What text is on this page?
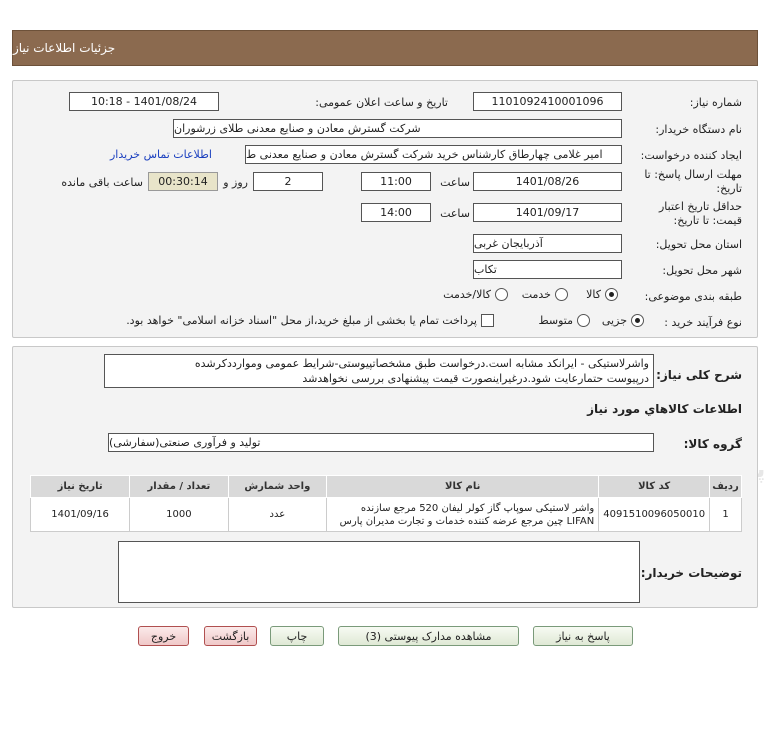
جزئیات اطلاعات نیاز
شماره نیاز:
1101092410001096
تاریخ و ساعت اعلان عمومی:
1401/08/24 - 10:18
نام دستگاه خریدار:
شرکت گسترش معادن و صنایع معدنی طلای زرشوران
ایجاد کننده درخواست:
امیر غلامی چهارطاق کارشناس خرید شرکت گسترش معادن و صنایع معدنی ط
اطلاعات تماس خریدار
مهلت ارسال پاسخ: تا
تاریخ:
1401/08/26
ساعت
11:00
2
روز و
00:30:14
ساعت باقی مانده
حداقل تاریخ اعتبار
قیمت: تا تاریخ:
1401/09/17
ساعت
14:00
استان محل تحویل:
آذربایجان غربی
شهر محل تحویل:
تکاب
طبقه بندی موضوعی:
کالا
خدمت
کالا/خدمت
نوع فرآیند خرید :
جزیی
متوسط
پرداخت تمام یا بخشی از مبلغ خرید،از محل "اسناد خزانه اسلامی" خواهد بود.
شرح کلی نیاز:
واشرلاستیکی - ایرانکد مشابه است.درخواست طبق مشخصاتپیوستی-شرایط عمومی وموارددکرشده
درپیوست حتمارعایت شود.درغیراینصورت قیمت پیشنهادی بررسی نخواهدشد
اطلاعات کالاهاي مورد نياز
گروه کالا:
تولید و فرآوری صنعتی(سفارشی)
ردیف	کد کالا	نام کالا	واحد شمارش	تعداد / مقدار	تاریخ نیاز
1	4091510096050010	واشر لاستیکی سوپاپ گاز کولر لیفان 520 مرجع سازنده
LIFAN چین مرجع عرضه کننده خدمات و تجارت مدیران پارس	عدد	1000	1401/09/16
توضیحات خریدار:
پاسخ به نیاز
مشاهده مدارک پیوستی (3)
چاپ
بازگشت
خروج
